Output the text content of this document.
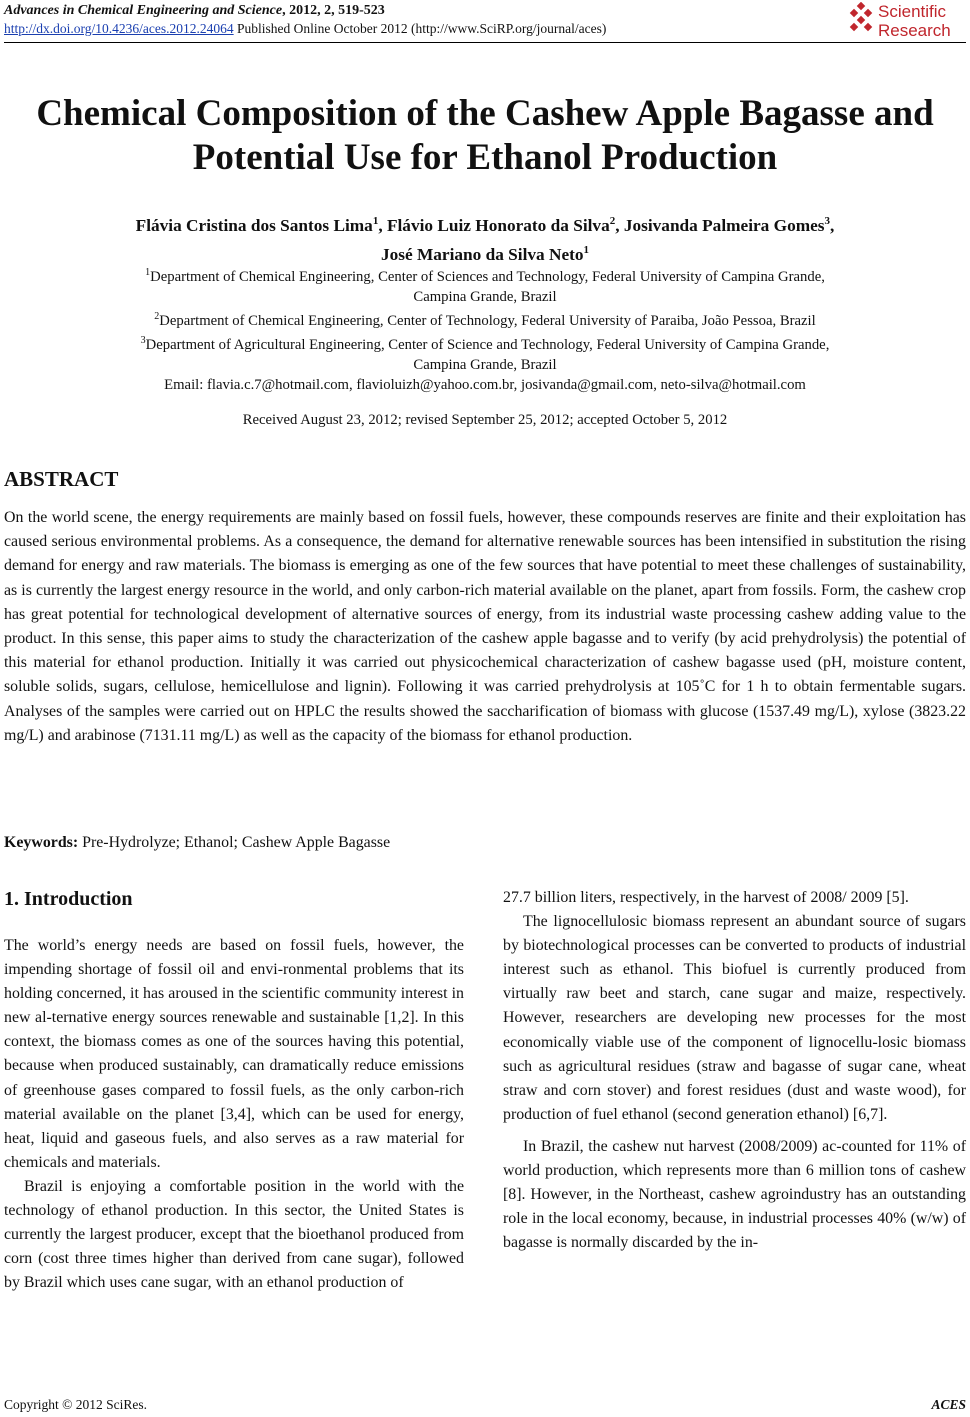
Advances in Chemical Engineering and Science, 2012, 2, 519-523
http://dx.doi.org/10.4236/aces.2012.24064 Published Online October 2012 (http://www.SciRP.org/journal/aces)
Scientific
Research
Chemical Composition of the Cashew Apple Bagasse and
Potential Use for Ethanol Production
Flávia Cristina dos Santos Lima$^1$, Flávio Luiz Honorato da Silva$^2$, Josivanda Palmeira Gomes$^3$,
José Mariano da Silva Neto$^1$
$^1$Department of Chemical Engineering, Center of Sciences and Technology, Federal University of Campina Grande,
Campina Grande, Brazil
$^2$Department of Chemical Engineering, Center of Technology, Federal University of Paraiba, João Pessoa, Brazil
$^3$Department of Agricultural Engineering, Center of Science and Technology, Federal University of Campina Grande,
Campina Grande, Brazil
Email: flavia.c.7@hotmail.com, flavioluizh@yahoo.com.br, josivanda@gmail.com, neto-silva@hotmail.com
Received August 23, 2012; revised September 25, 2012; accepted October 5, 2012
ABSTRACT
On the world scene, the energy requirements are mainly based on fossil fuels, however, these compounds reserves are finite and their exploitation has caused serious environmental problems. As a consequence, the demand for alternative renewable sources has been intensified in substitution the rising demand for energy and raw materials. The biomass is emerging as one of the few sources that have potential to meet these challenges of sustainability, as is currently the largest energy resource in the world, and only carbon-rich material available on the planet, apart from fossils. Form, the cashew crop has great potential for technological development of alternative sources of energy, from its industrial waste processing cashew adding value to the product. In this sense, this paper aims to study the characterization of the cashew apple bagasse and to verify (by acid prehydrolysis) the potential of this material for ethanol production. Initially it was carried out physicochemical characterization of cashew bagasse used (pH, moisture content, soluble solids, sugars, cellulose, hemicellulose and lignin). Following it was carried prehydrolysis at 105˚C for 1 h to obtain fermentable sugars. Analyses of the samples were carried out on HPLC the results showed the saccharification of biomass with glucose (1537.49 mg/L), xylose (3823.22 mg/L) and arabinose (7131.11 mg/L) as well as the capacity of the biomass for ethanol production.
Keywords: Pre-Hydrolyze; Ethanol; Cashew Apple Bagasse
1. Introduction

The world’s energy needs are based on fossil fuels, however, the impending shortage of fossil oil and envi-ronmental problems that its holding concerned, it has aroused in the scientific community interest in new al-ternative energy sources renewable and sustainable [1,2]. In this context, the biomass comes as one of the sources having this potential, because when produced sustainably, can dramatically reduce emissions of greenhouse gases compared to fossil fuels, as the only carbon-rich material available on the planet [3,4], which can be used for energy, heat, liquid and gaseous fuels, and also serves as a raw material for chemicals and materials.

Brazil is enjoying a comfortable position in the world with the technology of ethanol production. In this sector, the United States is currently the largest producer, except that the bioethanol produced from corn (cost three times higher than derived from cane sugar), followed by Brazil which uses cane sugar, with an ethanol production of

27.7 billion liters, respectively, in the harvest of 2008/ 2009 [5].

The lignocellulosic biomass represent an abundant source of sugars by biotechnological processes can be converted to products of industrial interest such as ethanol. This biofuel is currently produced from virtually raw beet and starch, cane sugar and maize, respectively. However, researchers are developing new processes for the most economically viable use of the component of lignocellu-losic biomass such as agricultural residues (straw and bagasse of sugar cane, wheat straw and corn stover) and forest residues (dust and waste wood), for production of fuel ethanol (second generation ethanol) [6,7].

In Brazil, the cashew nut harvest (2008/2009) ac-counted for 11% of world production, which represents more than 6 million tons of cashew [8]. However, in the Northeast, cashew agroindustry has an outstanding role in the local economy, because, in industrial processes 40% (w/w) of bagasse is normally discarded by the in-

Copyright © 2012 SciRes.	ACES
